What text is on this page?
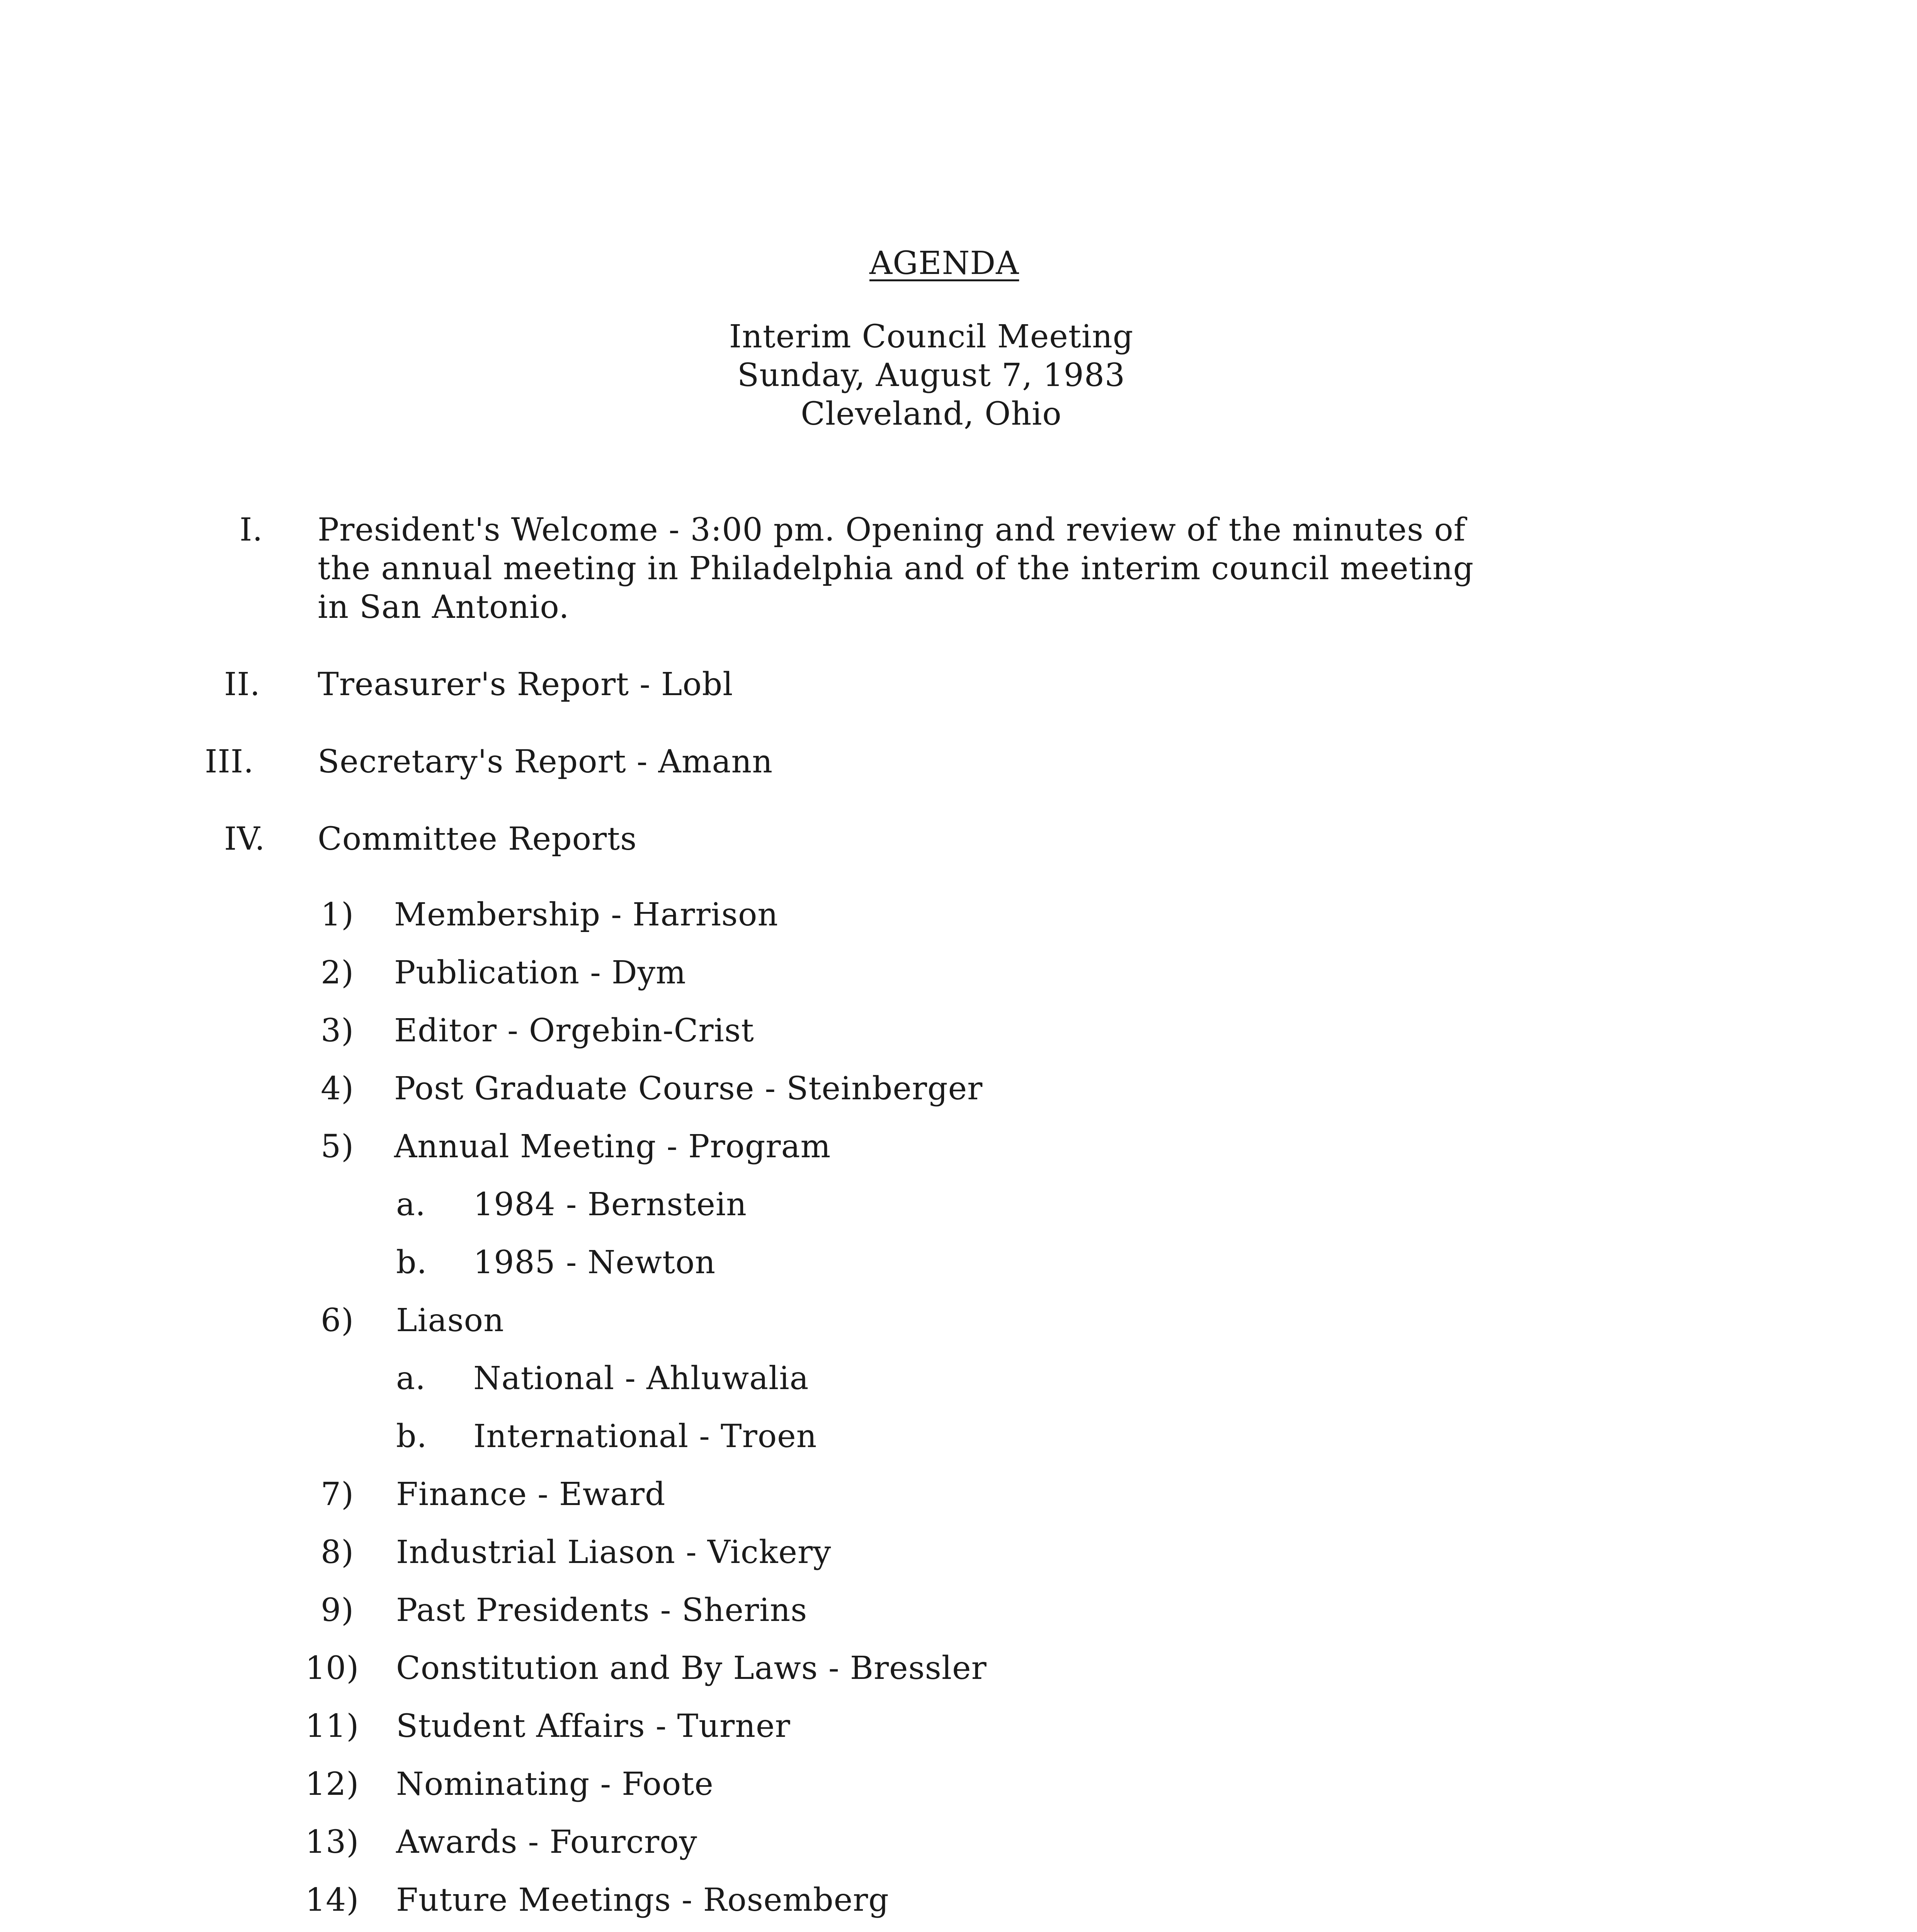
AGENDA
Interim Council Meeting
Sunday, August 7, 1983
Cleveland, Ohio
I. President's Welcome - 3:00 pm. Opening and review of the minutes of
the annual meeting in Philadelphia and of the interim council meeting
in San Antonio.
II. Treasurer's Report - Lobl
III. Secretary's Report - Amann
IV. Committee Reports
1) Membership - Harrison
2) Publication - Dym
3) Editor - Orgebin-Crist
4) Post Graduate Course - Steinberger
5) Annual Meeting - Program
a. 1984 - Bernstein
b. 1985 - Newton
6) Liason
a. National - Ahluwalia
b. International - Troen
7) Finance - Eward
8) Industrial Liason - Vickery
9) Past Presidents - Sherins
10) Constitution and By Laws - Bressler
11) Student Affairs - Turner
12) Nominating - Foote
13) Awards - Fourcroy
14) Future Meetings - Rosemberg
